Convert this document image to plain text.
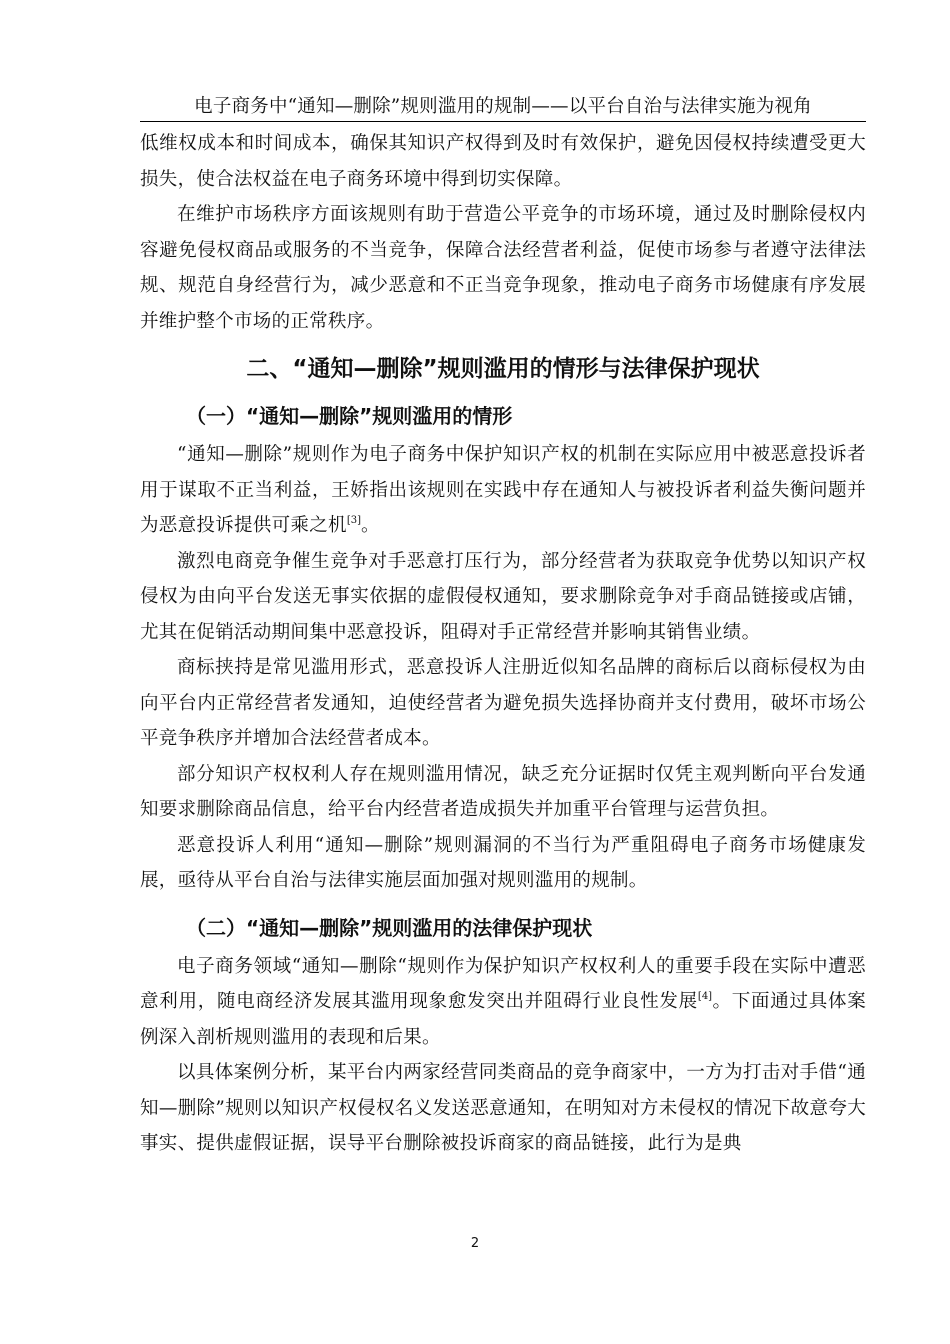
电子商务中“通知—删除”规则滥用的规制——以平台自治与法律实施为视角

低维权成本和时间成本，确保其知识产权得到及时有效保护，避免因侵权持续遭受更大损失，使合法权益在电子商务环境中得到切实保障。

在维护市场秩序方面该规则有助于营造公平竞争的市场环境，通过及时删除侵权内容避免侵权商品或服务的不当竞争，保障合法经营者利益，促使市场参与者遵守法律法规、规范自身经营行为，减少恶意和不正当竞争现象，推动电子商务市场健康有序发展并维护整个市场的正常秩序。

二、“通知—删除”规则滥用的情形与法律保护现状
（一）“通知—删除”规则滥用的情形

“通知—删除”规则作为电子商务中保护知识产权的机制在实际应用中被恶意投诉者用于谋取不正当利益，王娇指出该规则在实践中存在通知人与被投诉者利益失衡问题并为恶意投诉提供可乘之机[3]。

激烈电商竞争催生竞争对手恶意打压行为，部分经营者为获取竞争优势以知识产权侵权为由向平台发送无事实依据的虚假侵权通知，要求删除竞争对手商品链接或店铺，尤其在促销活动期间集中恶意投诉，阻碍对手正常经营并影响其销售业绩。

商标挟持是常见滥用形式，恶意投诉人注册近似知名品牌的商标后以商标侵权为由向平台内正常经营者发通知，迫使经营者为避免损失选择协商并支付费用，破坏市场公平竞争秩序并增加合法经营者成本。

部分知识产权权利人存在规则滥用情况，缺乏充分证据时仅凭主观判断向平台发通知要求删除商品信息，给平台内经营者造成损失并加重平台管理与运营负担。

恶意投诉人利用“通知—删除”规则漏洞的不当行为严重阻碍电子商务市场健康发展，亟待从平台自治与法律实施层面加强对规则滥用的规制。

（二）“通知—删除”规则滥用的法律保护现状

电子商务领域“通知—删除“规则作为保护知识产权权利人的重要手段在实际中遭恶意利用，随电商经济发展其滥用现象愈发突出并阻碍行业良性发展[4]。下面通过具体案例深入剖析规则滥用的表现和后果。

以具体案例分析，某平台内两家经营同类商品的竞争商家中，一方为打击对手借“通知—删除”规则以知识产权侵权名义发送恶意通知，在明知对方未侵权的情况下故意夸大事实、提供虚假证据，误导平台删除被投诉商家的商品链接，此行为是典

2
